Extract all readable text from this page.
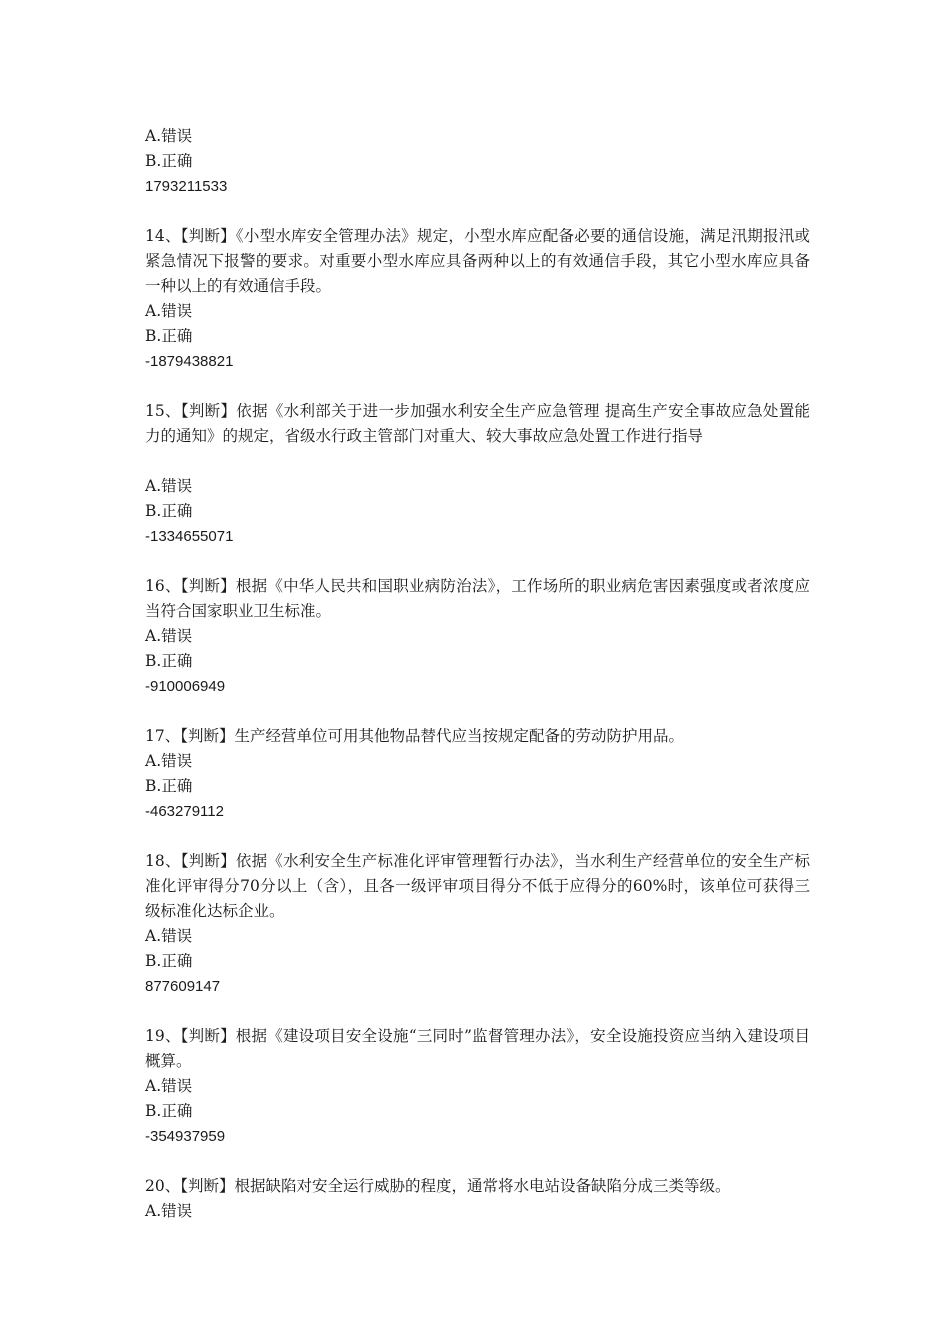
A.错误
B.正确
1793211533
14、【判断】《小型水库安全管理办法》规定，小型水库应配备必要的通信设施，满足汛期报汛或紧急情况下报警的要求。对重要小型水库应具备两种以上的有效通信手段，其它小型水库应具备一种以上的有效通信手段。
A.错误
B.正确
-1879438821
15、【判断】依据《水利部关于进一步加强水利安全生产应急管理 提高生产安全事故应急处置能力的通知》的规定，省级水行政主管部门对重大、较大事故应急处置工作进行指导
A.错误
B.正确
-1334655071
16、【判断】根据《中华人民共和国职业病防治法》，工作场所的职业病危害因素强度或者浓度应当符合国家职业卫生标准。
A.错误
B.正确
-910006949
17、【判断】生产经营单位可用其他物品替代应当按规定配备的劳动防护用品。
A.错误
B.正确
-463279112
18、【判断】依据《水利安全生产标准化评审管理暂行办法》，当水利生产经营单位的安全生产标准化评审得分70分以上（含），且各一级评审项目得分不低于应得分的60%时，该单位可获得三级标准化达标企业。
A.错误
B.正确
877609147
19、【判断】根据《建设项目安全设施“三同时”监督管理办法》，安全设施投资应当纳入建设项目概算。
A.错误
B.正确
-354937959
20、【判断】根据缺陷对安全运行威胁的程度，通常将水电站设备缺陷分成三类等级。
A.错误
